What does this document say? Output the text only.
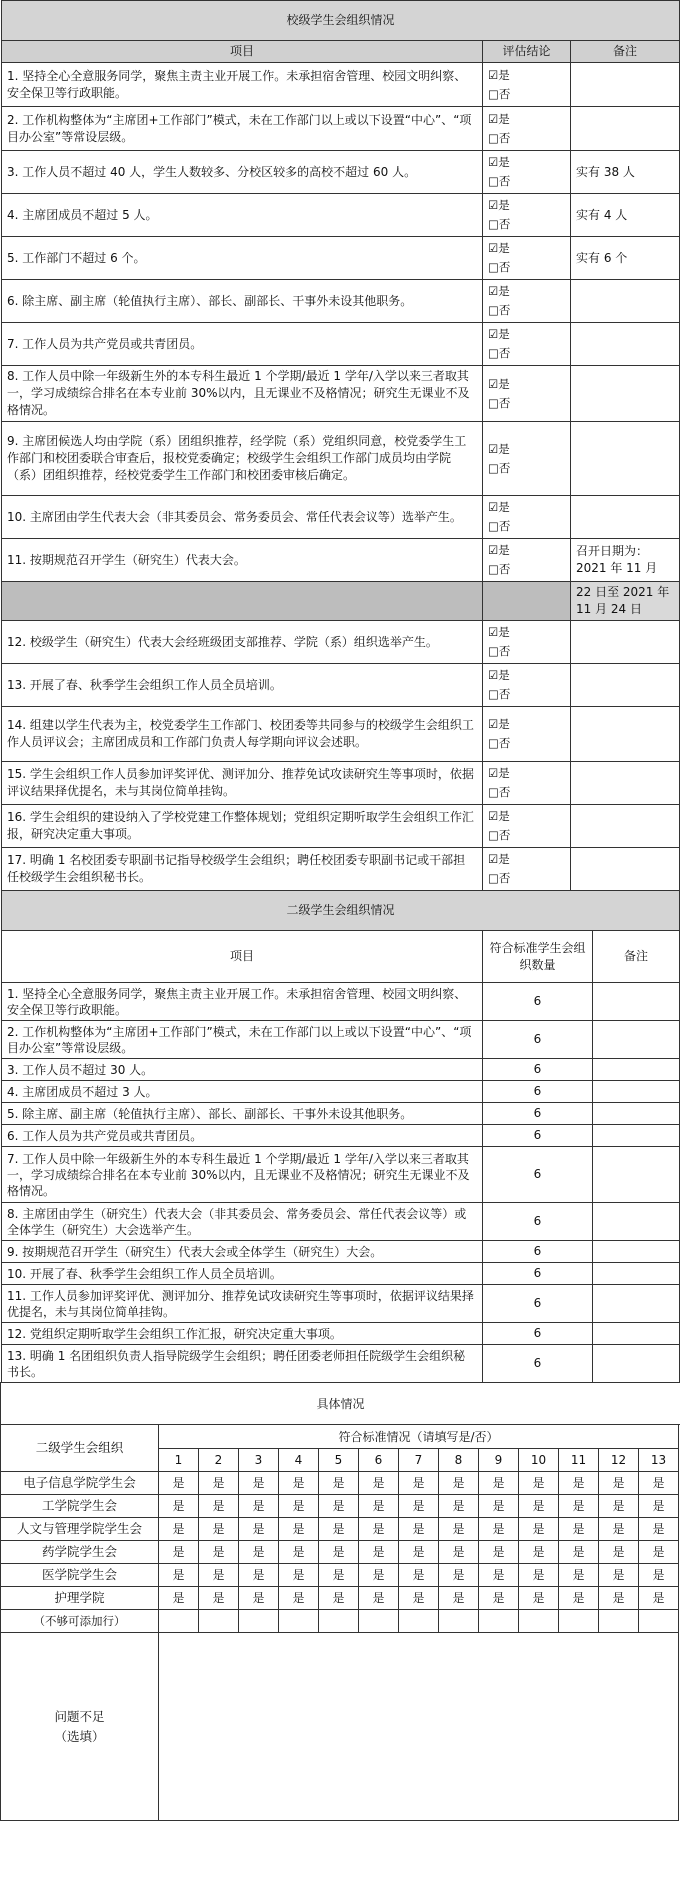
校级学生会组织情况		
项目	评估结论	备注
1. 坚持全心全意服务同学，聚焦主责主业开展工作。未承担宿舍管理、校园文明纠察、安全保卫等行政职能。	☑是
□否	

2. 工作机构整体为“主席团+工作部门”模式，未在工作部门以上或以下设置“中心”、“项目办公室”等常设层级。	☑是
□否	

3. 工作人员不超过 40 人，学生人数较多、分校区较多的高校不超过 60 人。	☑是
□否	实有 38 人
4. 主席团成员不超过 5 人。	☑是
□否	实有 4 人
5. 工作部门不超过 6 个。	☑是
□否	实有 6 个
6. 除主席、副主席（轮值执行主席）、部长、副部长、干事外未设其他职务。	☑是
□否	

7. 工作人员为共产党员或共青团员。	☑是
□否	

8. 工作人员中除一年级新生外的本专科生最近 1 个学期/最近 1 学年/入学以来三者取其一，学习成绩综合排名在本专业前 30%以内，且无课业不及格情况；研究生无课业不及格情况。	☑是
□否	

9. 主席团候选人均由学院（系）团组织推荐，经学院（系）党组织同意，校党委学生工作部门和校团委联合审查后，报校党委确定；校级学生会组织工作部门成员均由学院（系）团组织推荐，经校党委学生工作部门和校团委审核后确定。	☑是
□否	

10. 主席团由学生代表大会（非其委员会、常务委员会、常任代表会议等）选举产生。	☑是
□否	

11. 按期规范召开学生（研究生）代表大会。	☑是
□否	召开日期为：2021 年 11 月
		22 日至 2021 年 11 月 24 日
12. 校级学生（研究生）代表大会经班级团支部推荐、学院（系）组织选举产生。	☑是
□否	

13. 开展了春、秋季学生会组织工作人员全员培训。	☑是
□否	

14. 组建以学生代表为主，校党委学生工作部门、校团委等共同参与的校级学生会组织工作人员评议会；主席团成员和工作部门负责人每学期向评议会述职。	☑是
□否	

15. 学生会组织工作人员参加评奖评优、测评加分、推荐免试攻读研究生等事项时，依据评议结果择优提名，未与其岗位简单挂钩。	☑是
□否	

16. 学生会组织的建设纳入了学校党建工作整体规划；党组织定期听取学生会组织工作汇报，研究决定重大事项。	☑是
□否	

17. 明确 1 名校团委专职副书记指导校级学生会组织；聘任校团委专职副书记或干部担任校级学生会组织秘书长。	☑是
□否	

二级学生会组织情况		
项目	符合标准学生会组织数量	备注
1. 坚持全心全意服务同学，聚焦主责主业开展工作。未承担宿舍管理、校园文明纠察、安全保卫等行政职能。	6	
2. 工作机构整体为“主席团+工作部门”模式，未在工作部门以上或以下设置“中心”、“项目办公室”等常设层级。	6	
3. 工作人员不超过 30 人。	6	
4. 主席团成员不超过 3 人。	6	
5. 除主席、副主席（轮值执行主席）、部长、副部长、干事外未设其他职务。	6	
6. 工作人员为共产党员或共青团员。	6	
7. 工作人员中除一年级新生外的本专科生最近 1 个学期/最近 1 学年/入学以来三者取其一，学习成绩综合排名在本专业前 30%以内，且无课业不及格情况；研究生无课业不及格情况。	6	
8. 主席团由学生（研究生）代表大会（非其委员会、常务委员会、常任代表会议等）或全体学生（研究生）大会选举产生。	6	
9. 按期规范召开学生（研究生）代表大会或全体学生（研究生）大会。	6	
10. 开展了春、秋季学生会组织工作人员全员培训。	6	
11. 工作人员参加评奖评优、测评加分、推荐免试攻读研究生等事项时，依据评议结果择优提名，未与其岗位简单挂钩。	6	
12. 党组织定期听取学生会组织工作汇报，研究决定重大事项。	6	
13. 明确 1 名团组织负责人指导院级学生会组织；聘任团委老师担任院级学生会组织秘书长。	6	
具体情况														
二级学生会组织	符合标准情况（请填写是/否）													
	1	2	3	4	5	6	7	8	9	10	11	12	13	
电子信息学院学生会	是	是	是	是	是	是	是	是	是	是	是	是	是	
工学院学生会	是	是	是	是	是	是	是	是	是	是	是	是	是	
人文与管理学院学生会	是	是	是	是	是	是	是	是	是	是	是	是	是	
药学院学生会	是	是	是	是	是	是	是	是	是	是	是	是	是	
医学院学生会	是	是	是	是	是	是	是	是	是	是	是	是	是	
护理学院	是	是	是	是	是	是	是	是	是	是	是	是	是	
（不够可添加行）														

问题不足
（选填）														
